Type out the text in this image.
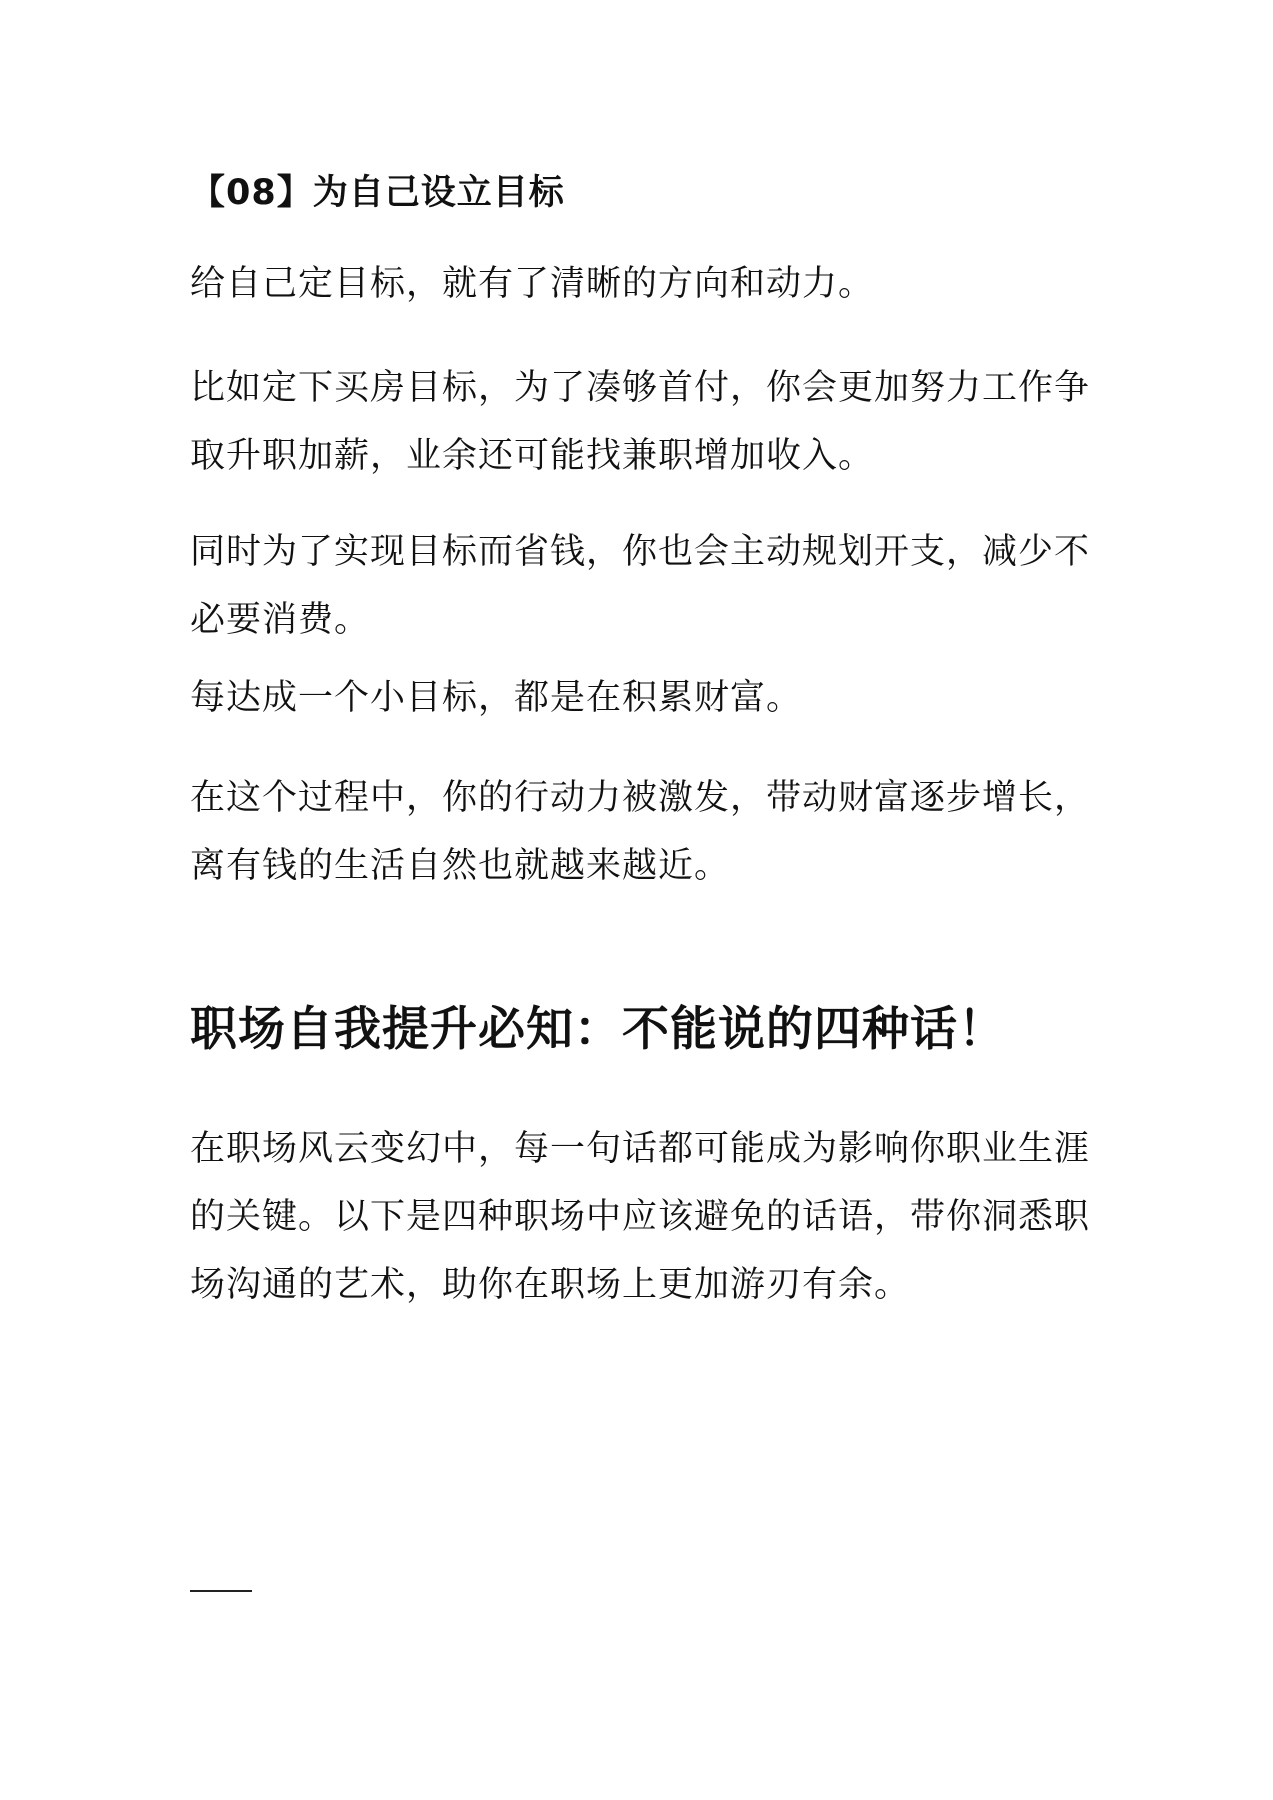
【08】为自己设立目标

给自己定目标，就有了清晰的方向和动力。

比如定下买房目标，为了凑够首付，你会更加努力工作争取升职加薪，业余还可能找兼职增加收入。

同时为了实现目标而省钱，你也会主动规划开支，减少不必要消费。

每达成一个小目标，都是在积累财富。

在这个过程中，你的行动力被激发，带动财富逐步增长，离有钱的生活自然也就越来越近。

职场自我提升必知：不能说的四种话！

在职场风云变幻中，每一句话都可能成为影响你职业生涯的关键。以下是四种职场中应该避免的话语，带你洞悉职场沟通的艺术，助你在职场上更加游刃有余。
